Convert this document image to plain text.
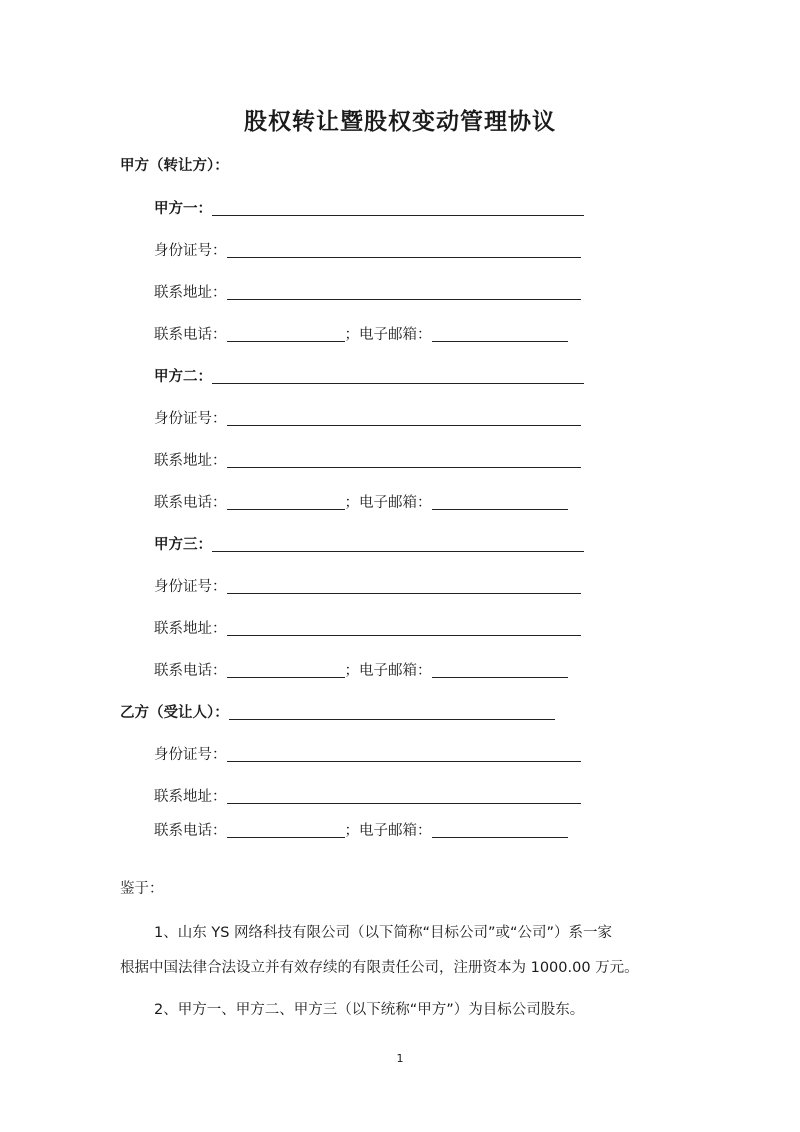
股权转让暨股权变动管理协议
甲方（转让方）：
甲方一：
身份证号：
联系地址：
联系电话：	； 电子邮箱：
甲方二：
身份证号：
联系地址：
联系电话：	； 电子邮箱：
甲方三：
身份证号：
联系地址：
联系电话：	； 电子邮箱：
乙方（受让人）：
身份证号：
联系地址：
联系电话：	； 电子邮箱：
鉴于：
1、山东 YS 网络科技有限公司（以下简称“目标公司”或“公司”）系一家
根据中国法律合法设立并有效存续的有限责任公司，注册资本为 1000.00 万元。
2、甲方一、甲方二、甲方三（以下统称“甲方”）为目标公司股东。
1
